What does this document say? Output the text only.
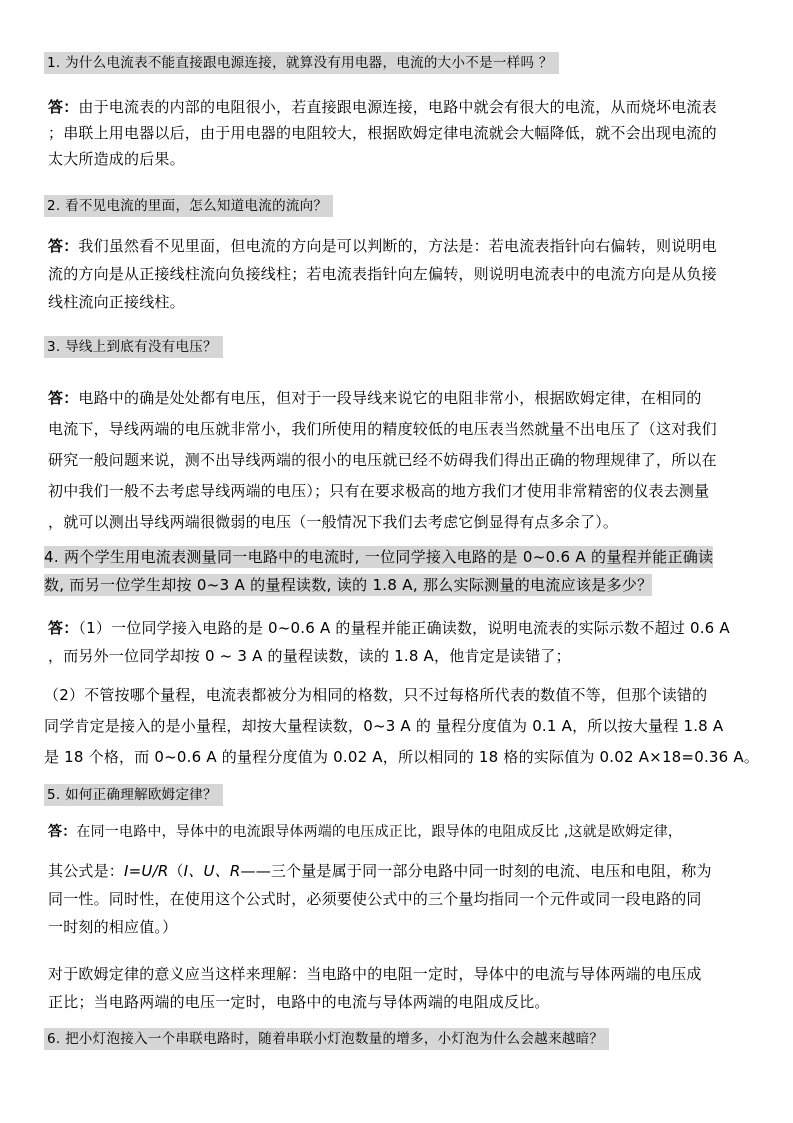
1. 为什么电流表不能直接跟电源连接，就算没有用电器，电流的大小不是一样吗 ？
答：由于电流表的内部的电阻很小，若直接跟电源连接，电路中就会有很大的电流，从而烧坏电流表
；串联上用电器以后，由于用电器的电阻较大，根据欧姆定律电流就会大幅降低，就不会出现电流的
太大所造成的后果。
2. 看不见电流的里面，怎么知道电流的流向？
答：我们虽然看不见里面，但电流的方向是可以判断的，方法是：若电流表指针向右偏转，则说明电
流的方向是从正接线柱流向负接线柱；若电流表指针向左偏转，则说明电流表中的电流方向是从负接
线柱流向正接线柱。
3. 导线上到底有没有电压？
答：电路中的确是处处都有电压，但对于一段导线来说它的电阻非常小，根据欧姆定律，在相同的
电流下，导线两端的电压就非常小，我们所使用的精度较低的电压表当然就量不出电压了（这对我们
研究一般问题来说，测不出导线两端的很小的电压就已经不妨碍我们得出正确的物理规律了，所以在
初中我们一般不去考虑导线两端的电压）；只有在要求极高的地方我们才使用非常精密的仪表去测量
，就可以测出导线两端很微弱的电压（一般情况下我们去考虑它倒显得有点多余了）。
4. 两个学生用电流表测量同一电路中的电流时, 一位同学接入电路的是 0~0.6 A 的量程并能正确读
数, 而另一位学生却按 0~3 A 的量程读数, 读的 1.8 A, 那么实际测量的电流应该是多少？
答：（1）一位同学接入电路的是 0~0.6 A 的量程并能正确读数，说明电流表的实际示数不超过 0.6 A
，而另外一位同学却按 0 ~ 3 A 的量程读数，读的 1.8 A，他肯定是读错了；
（2）不管按哪个量程，电流表都被分为相同的格数，只不过每格所代表的数值不等，但那个读错的
同学肯定是接入的是小量程，却按大量程读数，0~3 A 的 量程分度值为 0.1 A，所以按大量程 1.8 A
是 18 个格，而 0~0.6 A 的量程分度值为 0.02 A，所以相同的 18 格的实际值为 0.02 A×18=0.36 A。
5. 如何正确理解欧姆定律？
答：在同一电路中，导体中的电流跟导体两端的电压成正比，跟导体的电阻成反比 ,这就是欧姆定律，
其公式是：I=U/R（I、U、R——三个量是属于同一部分电路中同一时刻的电流、电压和电阻，称为
同一性。同时性，在使用这个公式时，必须要使公式中的三个量均指同一个元件或同一段电路的同
一时刻的相应值。）
对于欧姆定律的意义应当这样来理解：当电路中的电阻一定时，导体中的电流与导体两端的电压成
正比；当电路两端的电压一定时，电路中的电流与导体两端的电阻成反比。
6. 把小灯泡接入一个串联电路时，随着串联小灯泡数量的增多，小灯泡为什么会越来越暗？
